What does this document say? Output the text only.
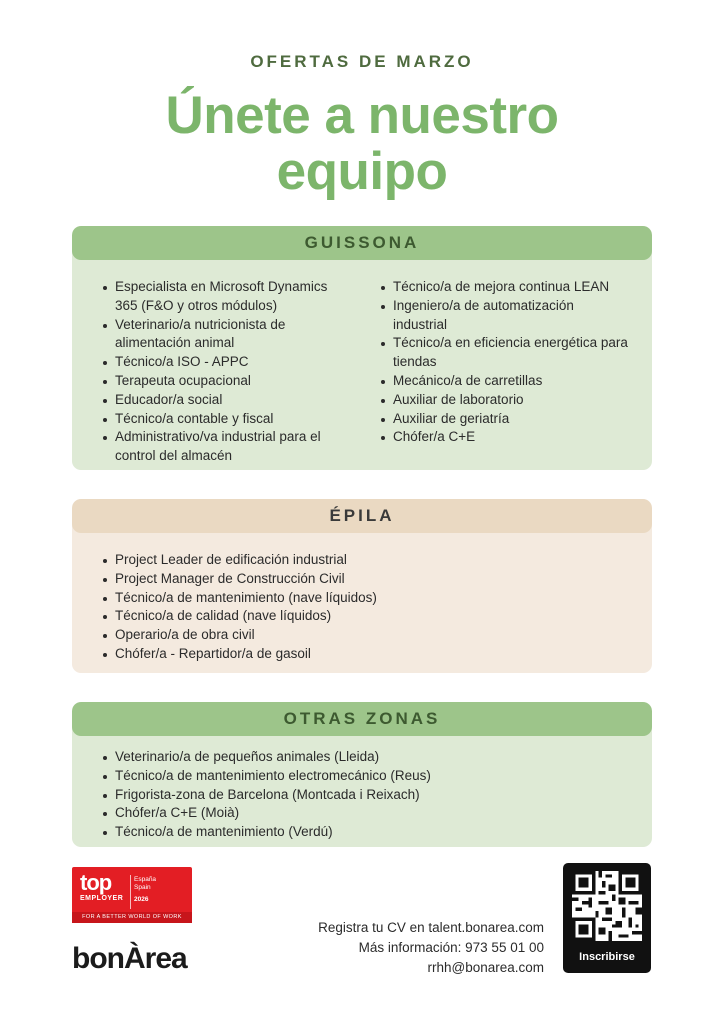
OFERTAS DE MARZO
Únete a nuestro
equipo
GUISSONA
Especialista en Microsoft Dynamics 365 (F&O y otros módulos)
Veterinario/a nutricionista de alimentación animal
Técnico/a ISO - APPC
Terapeuta ocupacional
Educador/a social
Técnico/a contable y fiscal
Administrativo/va industrial para el control del almacén
Técnico/a de mejora continua LEAN
Ingeniero/a de automatización industrial
Técnico/a en eficiencia energética para tiendas
Mecánico/a de carretillas
Auxiliar de laboratorio
Auxiliar de geriatría
Chófer/a C+E
ÉPILA
Project Leader de edificación industrial
Project Manager de Construcción Civil
Técnico/a de mantenimiento (nave líquidos)
Técnico/a de calidad (nave líquidos)
Operario/a de obra civil
Chófer/a - Repartidor/a de gasoil
OTRAS ZONAS
Veterinario/a de pequeños animales (Lleida)
Técnico/a de mantenimiento electromecánico (Reus)
Frigorista-zona de Barcelona (Montcada i Reixach)
Chófer/a C+E (Moià)
Técnico/a de mantenimiento (Verdú)
top
EMPLOYER
España
Spain
2026
FOR A BETTER WORLD OF WORK
bonÀrea
Registra tu CV en talent.bonarea.com
Más información: 973 55 01 00
rrhh@bonarea.com
Inscribirse
